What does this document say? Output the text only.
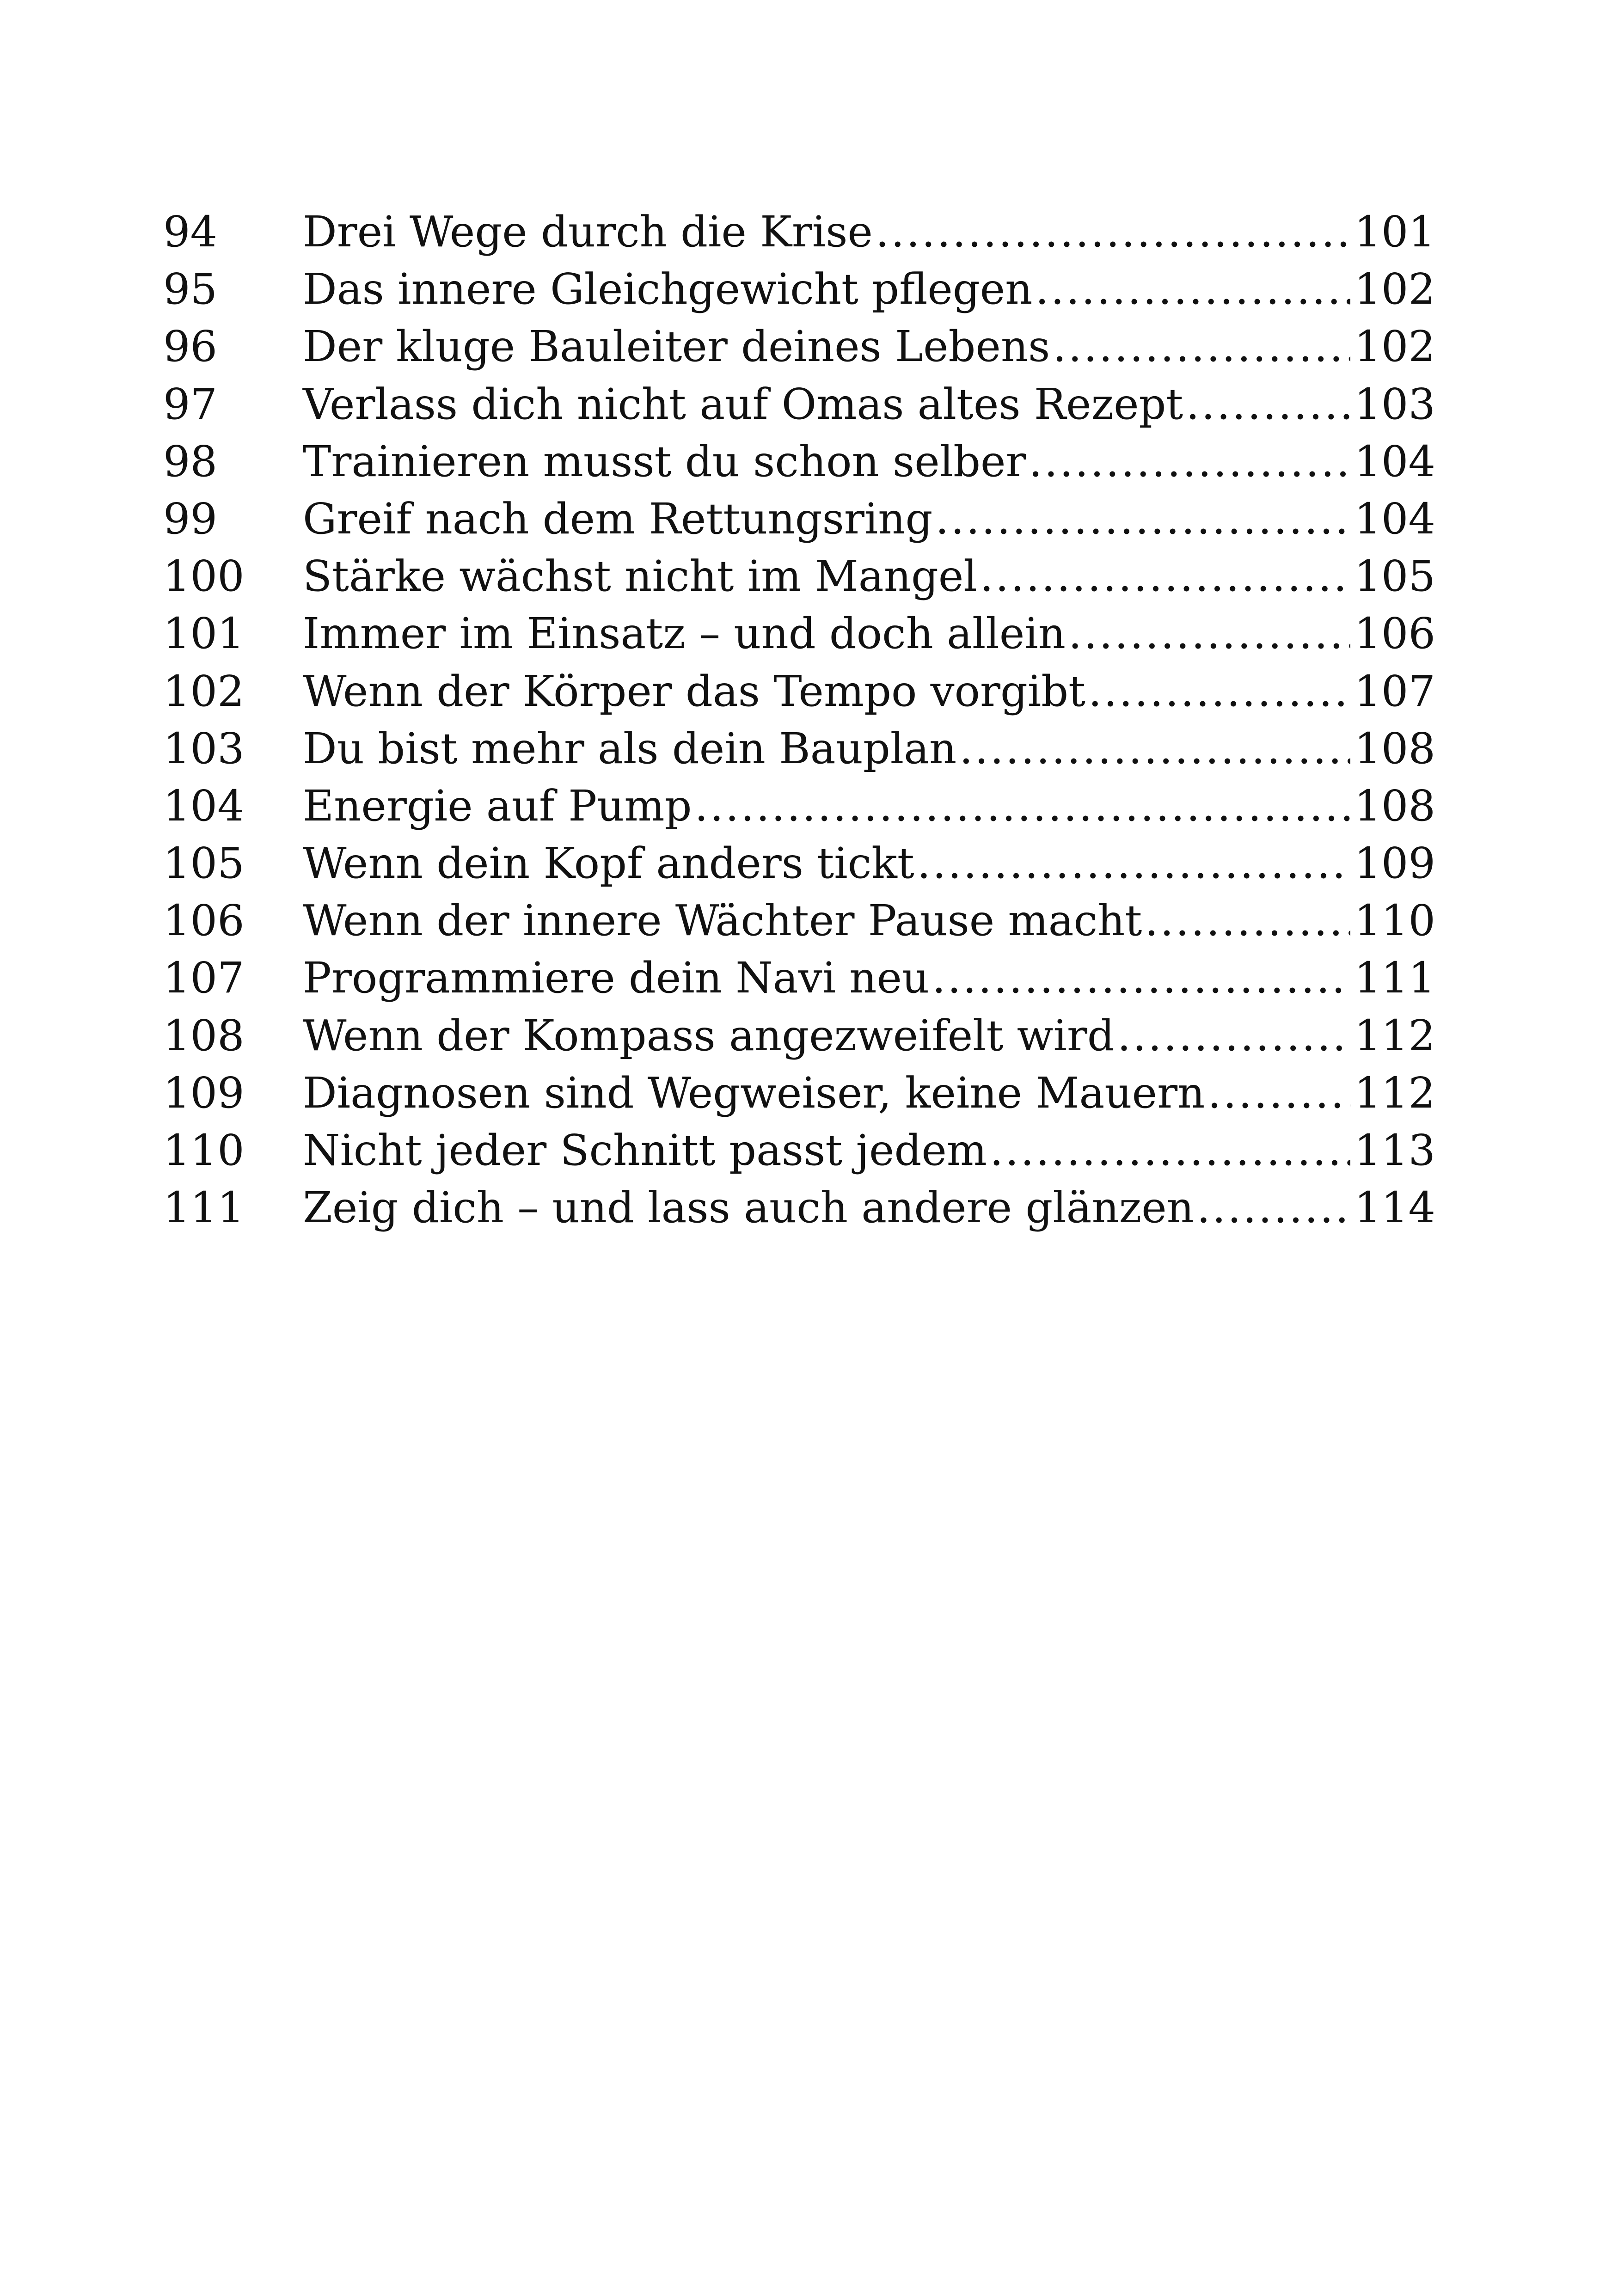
94	Drei Wege durch die Krise .....	101
95	Das innere Gleichgewicht pflegen .....	102
96	Der kluge Bauleiter deines Lebens .....	102
97	Verlass dich nicht auf Omas altes Rezept .....	103
98	Trainieren musst du schon selber .....	104
99	Greif nach dem Rettungsring .....	104
100	Stärke wächst nicht im Mangel .....	105
101	Immer im Einsatz – und doch allein .....	106
102	Wenn der Körper das Tempo vorgibt .....	107
103	Du bist mehr als dein Bauplan .....	108
104	Energie auf Pump .....	108
105	Wenn dein Kopf anders tickt .....	109
106	Wenn der innere Wächter Pause macht .....	110
107	Programmiere dein Navi neu .....	111
108	Wenn der Kompass angezweifelt wird .....	112
109	Diagnosen sind Wegweiser, keine Mauern .....	112
110	Nicht jeder Schnitt passt jedem .....	113
111	Zeig dich – und lass auch andere glänzen .....	114
